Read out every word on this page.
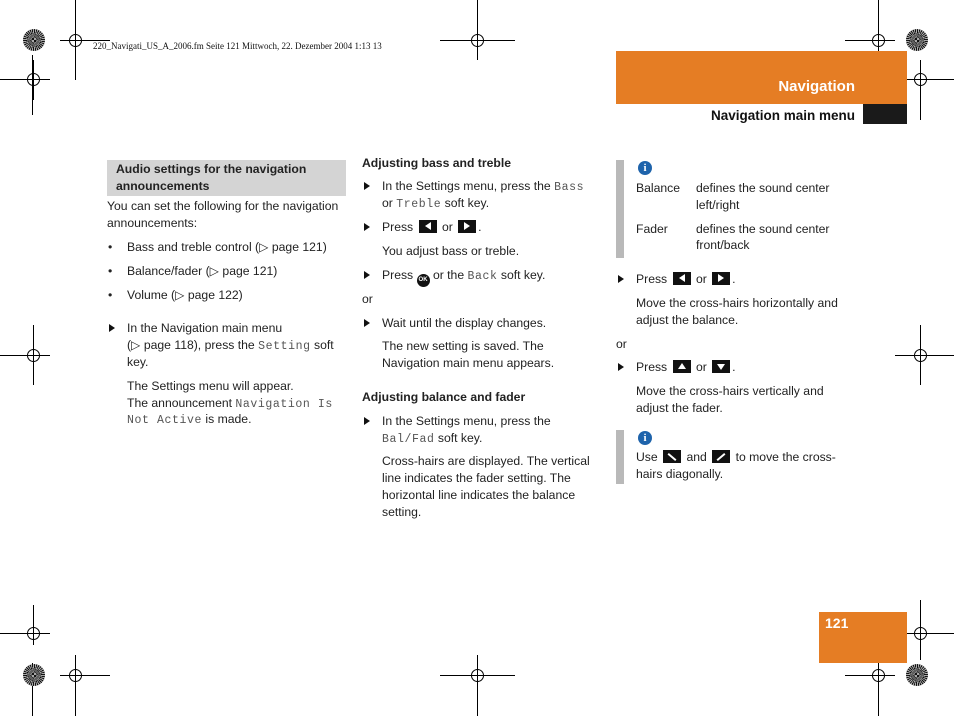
220_Navigati_US_A_2006.fm Seite 121 Mittwoch, 22. Dezember 2004 1:13 13
Navigation
Navigation main menu
121
Audio settings for the navigation announcements
You can set the following for the navigation announcements:
• Bass and treble control (▷ page 121)
• Balance/fader (▷ page 121)
• Volume (▷ page 122)
In the Navigation main menu
(▷ page 118), press the Setting soft
key.
The Settings menu will appear.
The announcement Navigation Is
Not Active is made.
Adjusting bass and treble
In the Settings menu, press the Bass
or Treble soft key.
Press or .
You adjust bass or treble.
Press OK or the Back soft key.
or
Wait until the display changes.
The new setting is saved. The
Navigation main menu appears.
Adjusting balance and fader
In the Settings menu, press the
Bal/Fad soft key.
Cross-hairs are displayed. The vertical
line indicates the fader setting. The
horizontal line indicates the balance
setting.
i
Balance defines the sound center
left/right
Fader defines the sound center
front/back
Press or .
Move the cross-hairs horizontally and
adjust the balance.
or
Press or .
Move the cross-hairs vertically and
adjust the fader.
i
Use and to move the cross-
hairs diagonally.
